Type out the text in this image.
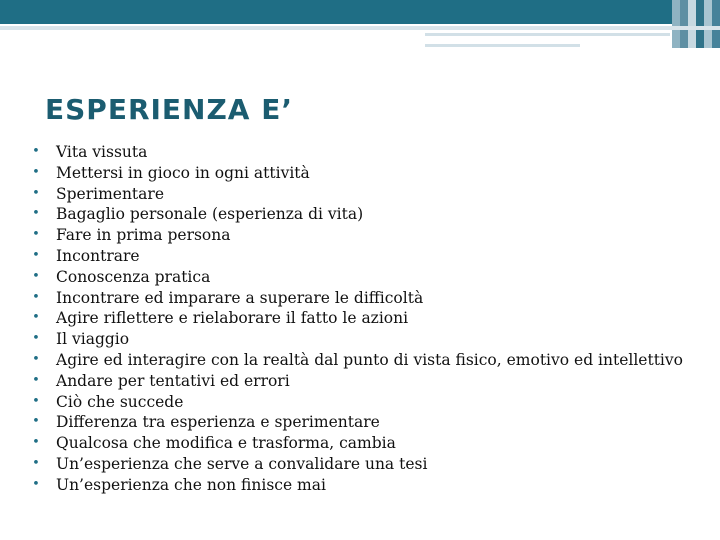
ESPERIENZA E’
• Vita vissuta
• Mettersi in gioco in ogni attività
• Sperimentare
• Bagaglio personale (esperienza di vita)
• Fare in prima persona
• Incontrare
• Conoscenza pratica
• Incontrare ed imparare a superare le difficoltà
• Agire riflettere e rielaborare il fatto le azioni
• Il viaggio
• Agire ed interagire con la realtà dal punto di vista fisico, emotivo ed intellettivo
• Andare per tentativi ed errori
• Ciò che succede
• Differenza tra esperienza e sperimentare
• Qualcosa che modifica e trasforma, cambia
• Un’esperienza che serve a convalidare una tesi
• Un’esperienza che non finisce mai
